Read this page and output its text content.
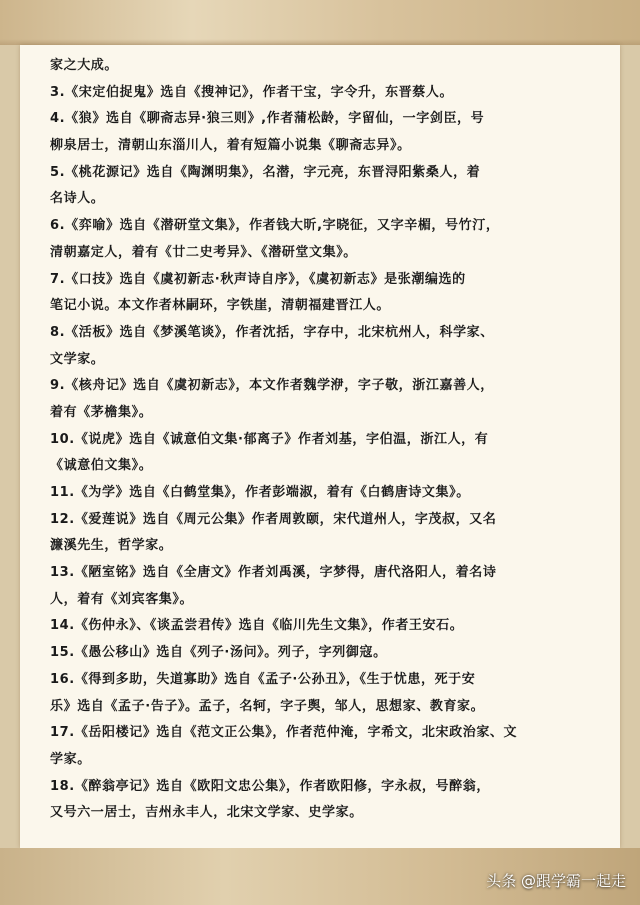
家之大成。
3.《宋定伯捉鬼》选自《搜神记》，作者干宝，字令升，东晋蔡人。
4.《狼》选自《聊斋志异·狼三则》,作者蒲松龄，字留仙，一字剑臣，号
柳泉居士，清朝山东淄川人，着有短篇小说集《聊斋志异》。
5.《桃花源记》选自《陶渊明集》，名潜，字元亮，东晋浔阳紫桑人，着
名诗人。
6.《弈喻》选自《潜研堂文集》，作者钱大昕,字晓征，又字辛楣，号竹汀，
清朝嘉定人，着有《廿二史考异》、《潜研堂文集》。
7.《口技》选自《虞初新志·秋声诗自序》，《虞初新志》是张潮编选的
笔记小说。本文作者林嗣环，字铁崖，清朝福建晋江人。
8.《活板》选自《梦溪笔谈》，作者沈括，字存中，北宋杭州人，科学家、
文学家。
9.《核舟记》选自《虞初新志》，本文作者魏学洢，字子敬，浙江嘉善人，
着有《茅檐集》。
10.《说虎》选自《诚意伯文集·郁离子》作者刘基，字伯温，浙江人，有
《诚意伯文集》。
11.《为学》选自《白鹤堂集》，作者彭端淑，着有《白鹤唐诗文集》。
12.《爱莲说》选自《周元公集》作者周敦颐，宋代道州人，字茂叔，又名
濂溪先生，哲学家。
13.《陋室铭》选自《全唐文》作者刘禹溪，字梦得，唐代洛阳人，着名诗
人，着有《刘宾客集》。
14.《伤仲永》、《谈孟尝君传》选自《临川先生文集》，作者王安石。
15.《愚公移山》选自《列子·汤问》。列子，字列御寇。
16.《得到多助，失道寡助》选自《孟子·公孙丑》，《生于忧患，死于安
乐》选自《孟子·告子》。孟子，名轲，字子舆，邹人，思想家、教育家。
17.《岳阳楼记》选自《范文正公集》，作者范仲淹，字希文，北宋政治家、文
学家。
18.《醉翁亭记》选自《欧阳文忠公集》，作者欧阳修，字永叔，号醉翁，
又号六一居士，吉州永丰人，北宋文学家、史学家。
头条 @跟学霸一起走
